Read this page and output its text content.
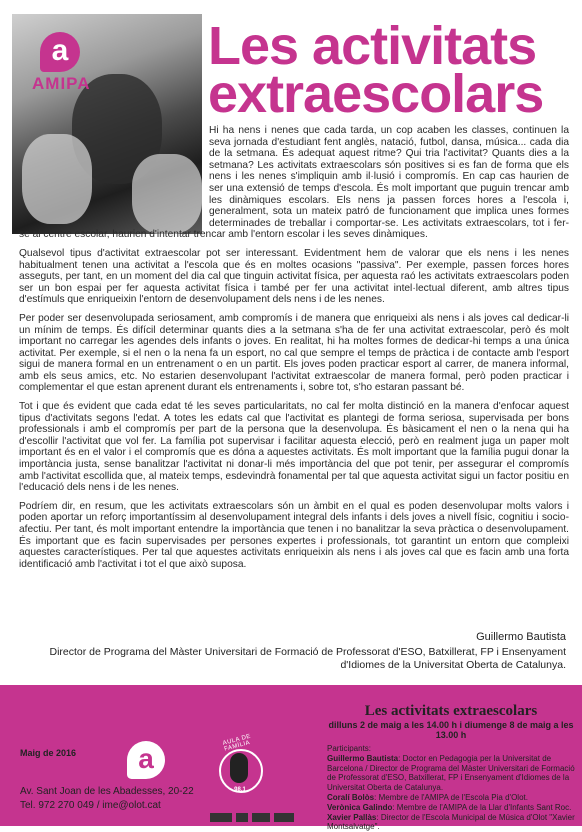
a
AMIPA
Les activitats
extraescolars

Hi ha nens i nenes que cada tarda, un cop acaben les classes, continuen la seva jornada d'estudiant fent anglès, natació, futbol, dansa, música... cada dia de la setmana. És adequat aquest ritme? Qui tria l'activitat? Quants dies a la setmana? Les activitats extraescolars són positives si es fan de forma que els nens i les nenes s'impliquin amb il·lusió i compromís. En cap cas haurien de ser una extensió de temps d'escola. És molt important que puguin trencar amb les dinàmiques escolars. Els nens ja passen forces hores a l'escola i, generalment, sota un mateix patró de funcionament que implica unes formes determinades de treballar i comportar-se. Les activitats extraescolars, tot i fer-se al centre escolar, haurien d'intentar trencar amb l'entorn escolar i les seves dinàmiques.

Qualsevol tipus d'activitat extraescolar pot ser interessant. Evidentment hem de valorar que els nens i les nenes habitualment tenen una activitat a l'escola que és en moltes ocasions "passiva". Per exemple, passen forces hores asseguts, per tant, en un moment del dia cal que tinguin activitat física, per aquesta raó les activitats extraescolars poden ser un bon espai per fer aquesta activitat física i també per fer una activitat intel·lectual diferent, amb altres tipus d'estímuls que enriqueixin l'entorn de desenvolupament dels nens i de les nenes.

Per poder ser desenvolupada seriosament, amb compromís i de manera que enriqueixi als nens i als joves cal dedicar-li un mínim de temps. És difícil determinar quants dies a la setmana s'ha de fer una activitat extraescolar, però és molt important no carregar les agendes dels infants o joves. En realitat, hi ha moltes formes de dedicar-hi temps a una única activitat. Per exemple, si el nen o la nena fa un esport, no cal que sempre el temps de pràctica i de contacte amb l'esport sigui de manera formal en un entrenament o en un partit. Els joves poden practicar esport al carrer, de manera informal, amb els seus amics, etc. No estarien desenvolupant l'activitat extraescolar de manera formal, però poden practicar i complementar el que estan aprenent durant els entrenaments i, sobre tot, s'ho estaran passant bé.

Tot i que és evident que cada edat té les seves particularitats, no cal fer molta distinció en la manera d'enfocar aquest tipus d'activitats segons l'edat. A totes les edats cal que l'activitat es plantegi de forma seriosa, supervisada per bons professionals i amb el compromís per part de la persona que la desenvolupa. És bàsicament el nen o la nena qui ha d'escollir l'activitat que vol fer. La família pot supervisar i facilitar aquesta elecció, però en realment juga un paper molt important és en el valor i el compromís que es dóna a aquestes activitats. És molt important que la família pugui donar la importància justa, sense banalitzar l'activitat ni donar-li més importància del que pot tenir, per assegurar el compromís amb l'activitat escollida que, al mateix temps, esdevindrà fonamental per tal que aquesta activitat sigui un factor positiu en l'educació dels nens i de les nenes.

Podríem dir, en resum, que les activitats extraescolars són un àmbit en el qual es poden desenvolupar molts valors i poden aportar un reforç importantíssim al desenvolupament integral dels infants i dels joves a nivell físic, cognitiu i socio-afectiu. Per tant, és molt important entendre la importància que tenen i no banalitzar la seva pràctica o desenvolupament. És important que es facin supervisades per persones expertes i professionals, tot garantint un entorn que compleixi aquestes característiques. Per tal que aquestes activitats enriqueixin als nens i als joves cal que es facin amb una forta identificació amb l'activitat i tot el que això suposa.

Guillermo Bautista
Director de Programa del Màster Universitari de Formació de Professorat d'ESO, Batxillerat, FP i Ensenyament
d'Idiomes de la Universitat Oberta de Catalunya.
Maig de 2016	a
Av. Sant Joan de les Abadesses, 20-22
Tel. 972 270 049 / ime@olot.cat
AULA DE FAMÍLIA
98.1
Les activitats extraescolars
dilluns 2 de maig a les 14.00 h i diumenge 8 de maig a les 13.00 h
Participants:
Guillermo Bautista: Doctor en Pedagogia per la Universitat de Barcelona / Director de Programa del Màster Universitari de Formació de Professorat d'ESO, Batxillerat, FP i Ensenyament d'Idiomes de la Universitat Oberta de Catalunya.
Coralí Bolòs: Membre de l'AMIPA de l'Escola Pia d'Olot.
Verònica Galindo: Membre de l'AMIPA de la Llar d'Infants Sant Roc.
Xavier Pallàs: Director de l'Escola Municipal de Música d'Olot "Xavier Montsalvatge".
